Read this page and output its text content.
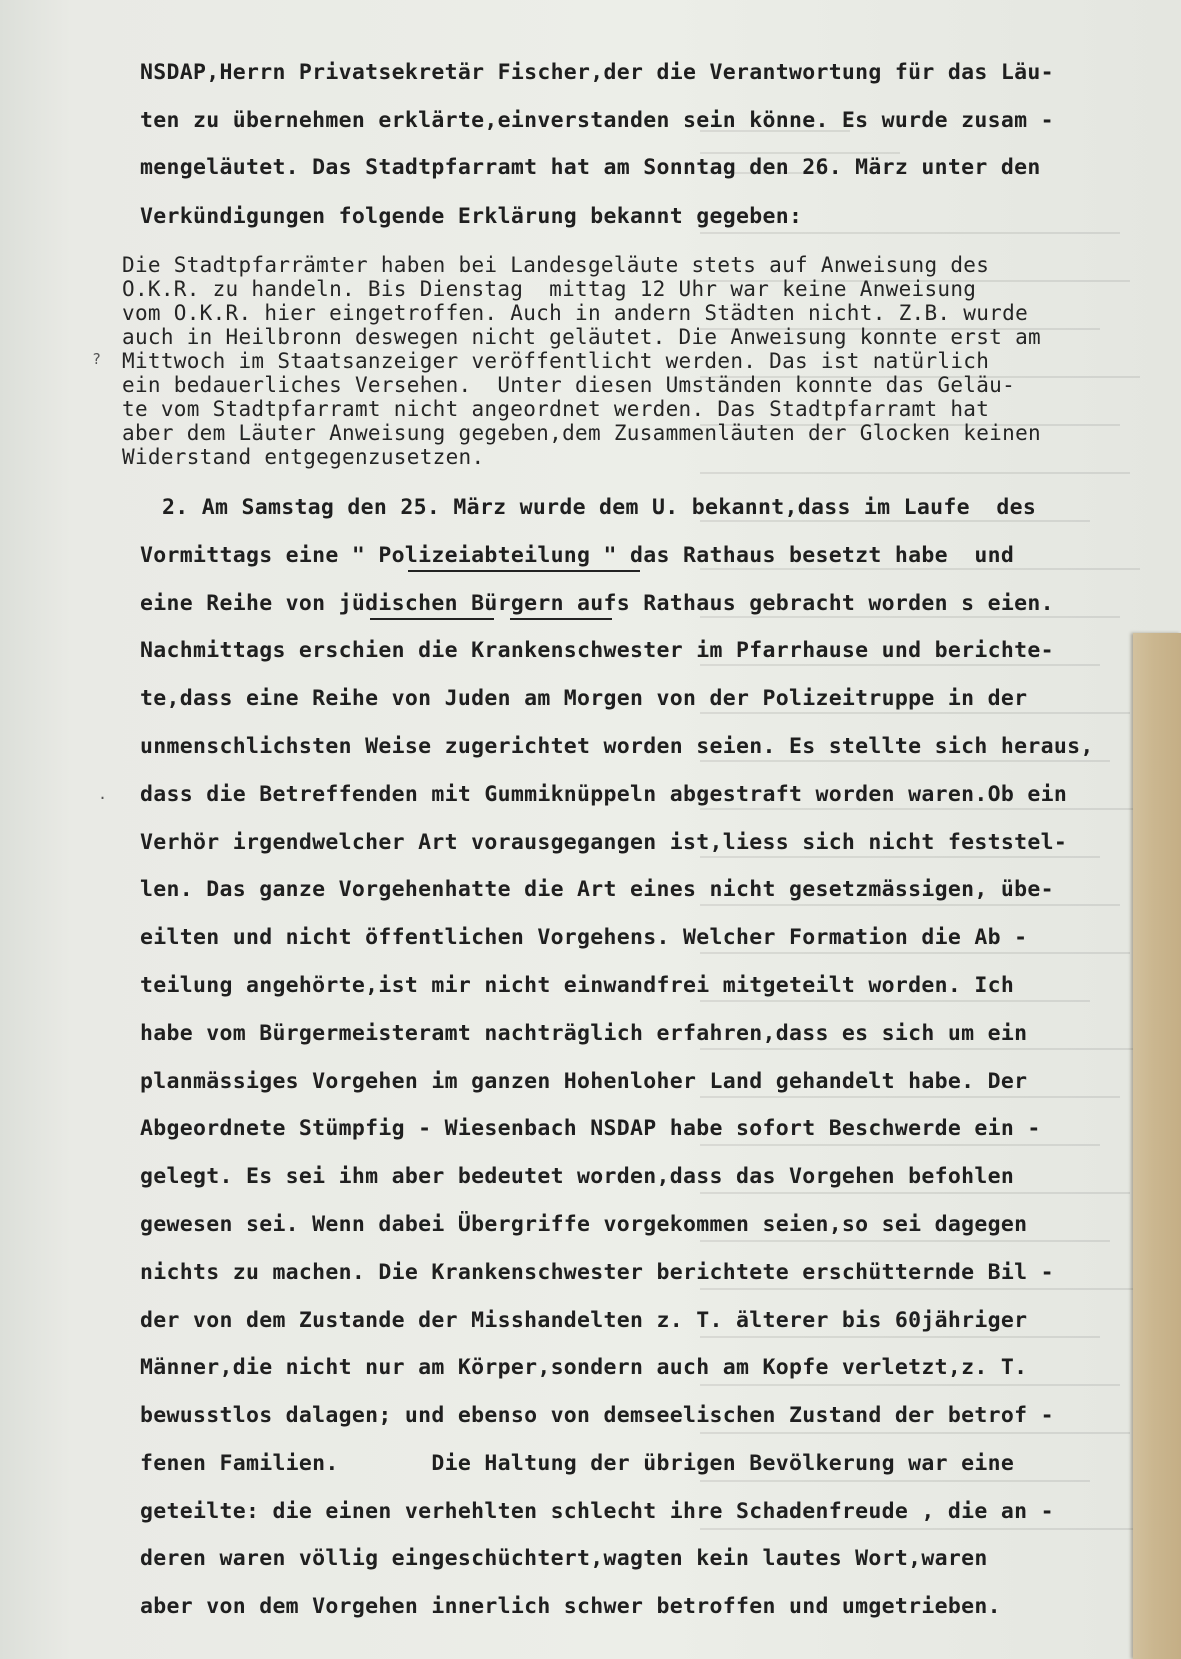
NSDAP,Herrn Privatsekretär Fischer,der die Verantwortung für das Läu-
ten zu übernehmen erklärte,einverstanden sein könne. Es wurde zusam -
mengeläutet. Das Stadtpfarramt hat am Sonntag den 26. März unter den
Verkündigungen folgende Erklärung bekannt gegeben:
Die Stadtpfarrämter haben bei Landesgeläute stets auf Anweisung des
O.K.R. zu handeln. Bis Dienstag  mittag 12 Uhr war keine Anweisung
vom O.K.R. hier eingetroffen. Auch in andern Städten nicht. Z.B. wurde
auch in Heilbronn deswegen nicht geläutet. Die Anweisung konnte erst am
Mittwoch im Staatsanzeiger veröffentlicht werden. Das ist natürlich
ein bedauerliches Versehen.  Unter diesen Umständen konnte das Geläu-
te vom Stadtpfarramt nicht angeordnet werden. Das Stadtpfarramt hat
aber dem Läuter Anweisung gegeben,dem Zusammenläuten der Glocken keinen
Widerstand entgegenzusetzen.
?
.
2. Am Samstag den 25. März wurde dem U. bekannt,dass im Laufe  des
Vormittags eine " Polizeiabteilung " das Rathaus besetzt habe  und
eine Reihe von jüdischen Bürgern aufs Rathaus gebracht worden s eien.
Nachmittags erschien die Krankenschwester im Pfarrhause und berichte-
te,dass eine Reihe von Juden am Morgen von der Polizeitruppe in der
unmenschlichsten Weise zugerichtet worden seien. Es stellte sich heraus,
dass die Betreffenden mit Gummiknüppeln abgestraft worden waren.Ob ein
Verhör irgendwelcher Art vorausgegangen ist,liess sich nicht feststel-
len. Das ganze Vorgehenhatte die Art eines nicht gesetzmässigen, übe-
eilten und nicht öffentlichen Vorgehens. Welcher Formation die Ab -
teilung angehörte,ist mir nicht einwandfrei mitgeteilt worden. Ich
habe vom Bürgermeisteramt nachträglich erfahren,dass es sich um ein
planmässiges Vorgehen im ganzen Hohenloher Land gehandelt habe. Der
Abgeordnete Stümpfig - Wiesenbach NSDAP habe sofort Beschwerde ein -
gelegt. Es sei ihm aber bedeutet worden,dass das Vorgehen befohlen
gewesen sei. Wenn dabei Übergriffe vorgekommen seien,so sei dagegen
nichts zu machen. Die Krankenschwester berichtete erschütternde Bil -
der von dem Zustande der Misshandelten z. T. älterer bis 60jähriger
Männer,die nicht nur am Körper,sondern auch am Kopfe verletzt,z. T.
bewusstlos dalagen; und ebenso von demseelischen Zustand der betrof -
fenen Familien.       Die Haltung der übrigen Bevölkerung war eine
geteilte: die einen verhehlten schlecht ihre Schadenfreude , die an -
deren waren völlig eingeschüchtert,wagten kein lautes Wort,waren
aber von dem Vorgehen innerlich schwer betroffen und umgetrieben.
